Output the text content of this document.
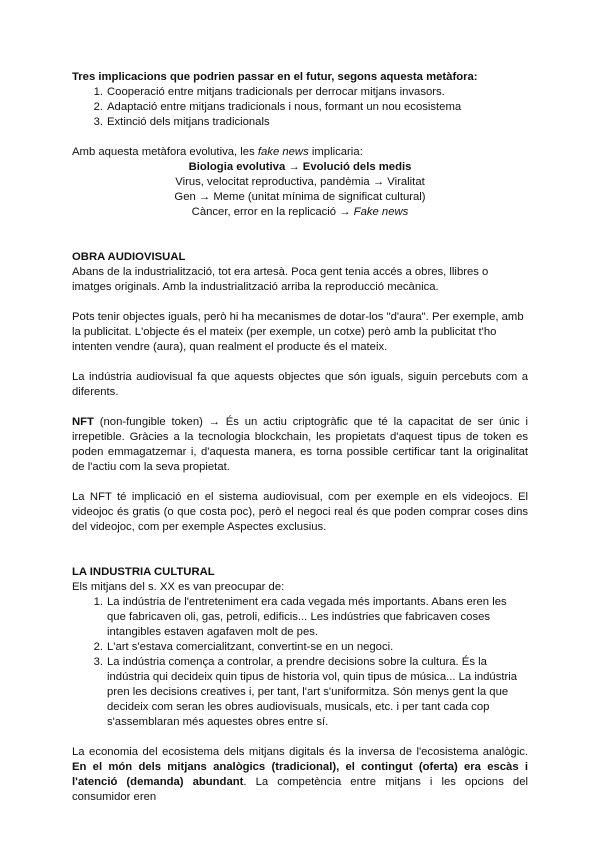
Tres implicacions que podrien passar en el futur, segons aquesta metàfora:
1. Cooperació entre mitjans tradicionals per derrocar mitjans invasors.
2. Adaptació entre mitjans tradicionals i nous, formant un nou ecosistema
3. Extinció dels mitjans tradicionals

Amb aquesta metàfora evolutiva, les fake news implicaria:

Biologia evolutiva → Evolució dels medis

Virus, velocitat reproductiva, pandèmia → Viralitat

Gen → Meme (unitat mínima de significat cultural)

Càncer, error en la replicació → Fake news

OBRA AUDIOVISUAL

Abans de la industrialització, tot era artesà. Poca gent tenia accés a obres, llibres o imatges originals. Amb la industrialització arriba la reproducció mecànica.

Pots tenir objectes iguals, però hi ha mecanismes de dotar-los "d'aura". Per exemple, amb la publicitat. L'objecte és el mateix (per exemple, un cotxe) però amb la publicitat t'ho intenten vendre (aura), quan realment el producte és el mateix.

La indústria audiovisual fa que aquests objectes que són iguals, siguin percebuts com a diferents.

NFT (non-fungible token) → És un actiu criptogràfic que té la capacitat de ser únic i irrepetible. Gràcies a la tecnologia blockchain, les propietats d'aquest tipus de token es poden emmagatzemar i, d'aquesta manera, es torna possible certificar tant la originalitat de l'actiu com la seva propietat.

La NFT té implicació en el sistema audiovisual, com per exemple en els videojocs. El videojoc és gratis (o que costa poc), però el negoci real és que poden comprar coses dins del videojoc, com per exemple Aspectes exclusius.

LA INDUSTRIA CULTURAL

Els mitjans del s. XX es van preocupar de:

1. La indústria de l'entreteniment era cada vegada més importants. Abans eren les que fabricaven oli, gas, petroli, edificis... Les indústries que fabricaven coses intangibles estaven agafaven molt de pes.
2. L'art s'estava comercialitzant, convertint-se en un negoci.
3. La indústria comença a controlar, a prendre decisions sobre la cultura. És la indústria qui decideix quin tipus de historia vol, quin tipus de música... La indústria pren les decisions creatives i, per tant, l'art s'uniformitza. Són menys gent la que decideix com seran les obres audiovisuals, musicals, etc. i per tant cada cop s'assemblaran més aquestes obres entre sí.

La economia del ecosistema dels mitjans digitals és la inversa de l'ecosistema analògic. En el món dels mitjans analògics (tradicional), el contingut (oferta) era escàs i l'atenció (demanda) abundant. La competència entre mitjans i les opcions del consumidor eren
